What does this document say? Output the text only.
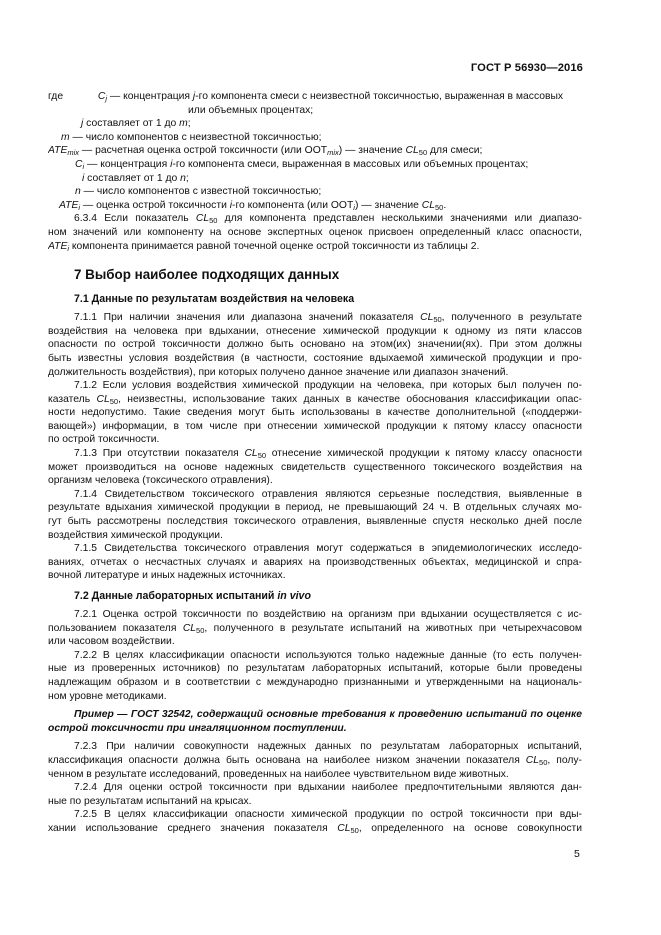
ГОСТ Р 56930—2016
где	$C_j$ — концентрация j-го компонента смеси с неизвестной токсичностью, выраженная в массовых
или объемных процентах;
j составляет от 1 до m;
m — число компонентов с неизвестной токсичностью;
$ATE_{mix}$ — расчетная оценка острой токсичности (или $ООТ_{mix}$) — значение $CL_{50}$ для смеси;
$C_i$ — концентрация i-го компонента смеси, выраженная в массовых или объемных процентах;
i составляет от 1 до n;
n — число компонентов с известной токсичностью;
$ATE_i$ — оценка острой токсичности i-го компонента (или $ООТ_i$) — значение $CL_{50}$.
6.3.4 Если показатель $CL_{50}$ для компонента представлен несколькими значениями или диапазо-
ном значений или компоненту на основе экспертных оценок присвоен определенный класс опасности,
$ATE_i$ компонента принимается равной точечной оценке острой токсичности из таблицы 2.
7 Выбор наиболее подходящих данных
7.1 Данные по результатам воздействия на человека
7.1.1 При наличии значения или диапазона значений показателя $CL_{50}$, полученного в результате
воздействия на человека при вдыхании, отнесение химической продукции к одному из пяти классов
опасности по острой токсичности должно быть основано на этом(их) значении(ях). При этом должны
быть известны условия воздействия (в частности, состояние вдыхаемой химической продукции и про-
должительность воздействия), при которых получено данное значение или диапазон значений.
7.1.2 Если условия воздействия химической продукции на человека, при которых был получен по-
казатель $CL_{50}$, неизвестны, использование таких данных в качестве обоснования классификации опас-
ности недопустимо. Такие сведения могут быть использованы в качестве дополнительной («поддержи-
вающей») информации, в том числе при отнесении химической продукции к пятому классу опасности
по острой токсичности.
7.1.3 При отсутствии показателя $CL_{50}$ отнесение химической продукции к пятому классу опасности
может производиться на основе надежных свидетельств существенного токсического воздействия на
организм человека (токсического отравления).
7.1.4 Свидетельством токсического отравления являются серьезные последствия, выявленные в
результате вдыхания химической продукции в период, не превышающий 24 ч. В отдельных случаях мо-
гут быть рассмотрены последствия токсического отравления, выявленные спустя несколько дней после
воздействия химической продукции.
7.1.5 Свидетельства токсического отравления могут содержаться в эпидемиологических исследо-
ваниях, отчетах о несчастных случаях и авариях на производственных объектах, медицинской и спра-
вочной литературе и иных надежных источниках.
7.2 Данные лабораторных испытаний in vivo
7.2.1 Оценка острой токсичности по воздействию на организм при вдыхании осуществляется с ис-
пользованием показателя $CL_{50}$, полученного в результате испытаний на животных при четырехчасовом
или часовом воздействии.
7.2.2 В целях классификации опасности используются только надежные данные (то есть получен-
ные из проверенных источников) по результатам лабораторных испытаний, которые были проведены
надлежащим образом и в соответствии с международно признанными и утвержденными на националь-
ном уровне методиками.
Пример — ГОСТ 32542, содержащий основные требования к проведению испытаний по оценке
острой токсичности при ингаляционном поступлении.
7.2.3 При наличии совокупности надежных данных по результатам лабораторных испытаний,
классификация опасности должна быть основана на наиболее низком значении показателя $CL_{50}$, полу-
ченном в результате исследований, проведенных на наиболее чувствительном виде животных.
7.2.4 Для оценки острой токсичности при вдыхании наиболее предпочтительными являются дан-
ные по результатам испытаний на крысах.
7.2.5 В целях классификации опасности химической продукции по острой токсичности при вды-
хании использование среднего значения показателя $CL_{50}$, определенного на основе совокупности
5
